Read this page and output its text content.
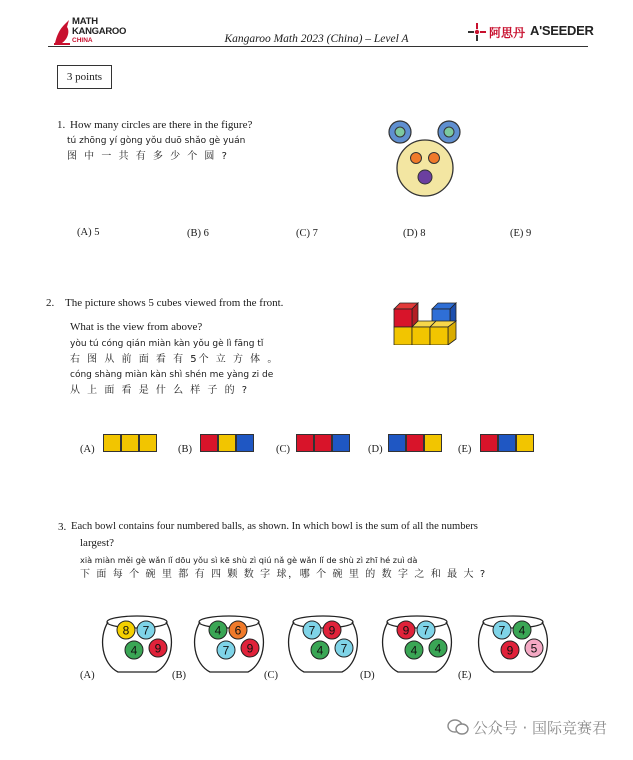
MATH
KANGAROO
CHINA	Kangaroo Math 2023 (China) – Level A	阿思丹 A'SEEDER
3 points
1. How many circles are there in the figure?
tú zhōng yí gòng yǒu duō shǎo gè yuán
图 中 一 共 有 多 少 个 圆 ?
(A) 5	(B) 6	(C) 7	(D) 8	(E) 9
2. The picture shows 5 cubes viewed from the front.
What is the view from above?
yòu tú cóng qián miàn kàn yǒu gè lì fāng tǐ
右 图 从 前 面 看 有 5个 立 方 体 。
cóng shàng miàn kàn shì shén me yàng zi de
从 上 面 看 是 什 么 样 子 的 ?
(A)	(B)	(C)	(D)	(E)
3. Each bowl contains four numbered balls, as shown. In which bowl is the sum of all the numbers
largest?
xià miàn měi gè wǎn lǐ dōu yǒu sì kē shù zì qiú nǎ gè wǎn lǐ de shù zì zhī hé zuì dà
下 面 每 个 碗 里 都 有 四 颗 数 字 球，哪 个 碗 里 的 数 字 之 和 最 大 ?
(A)
8 7
4 9
(B)
4 6
7 9
(C)
7 9
4 7
(D)
9 7
4 4
(E)
7 4
9 5
公众号 · 国际竞赛君
